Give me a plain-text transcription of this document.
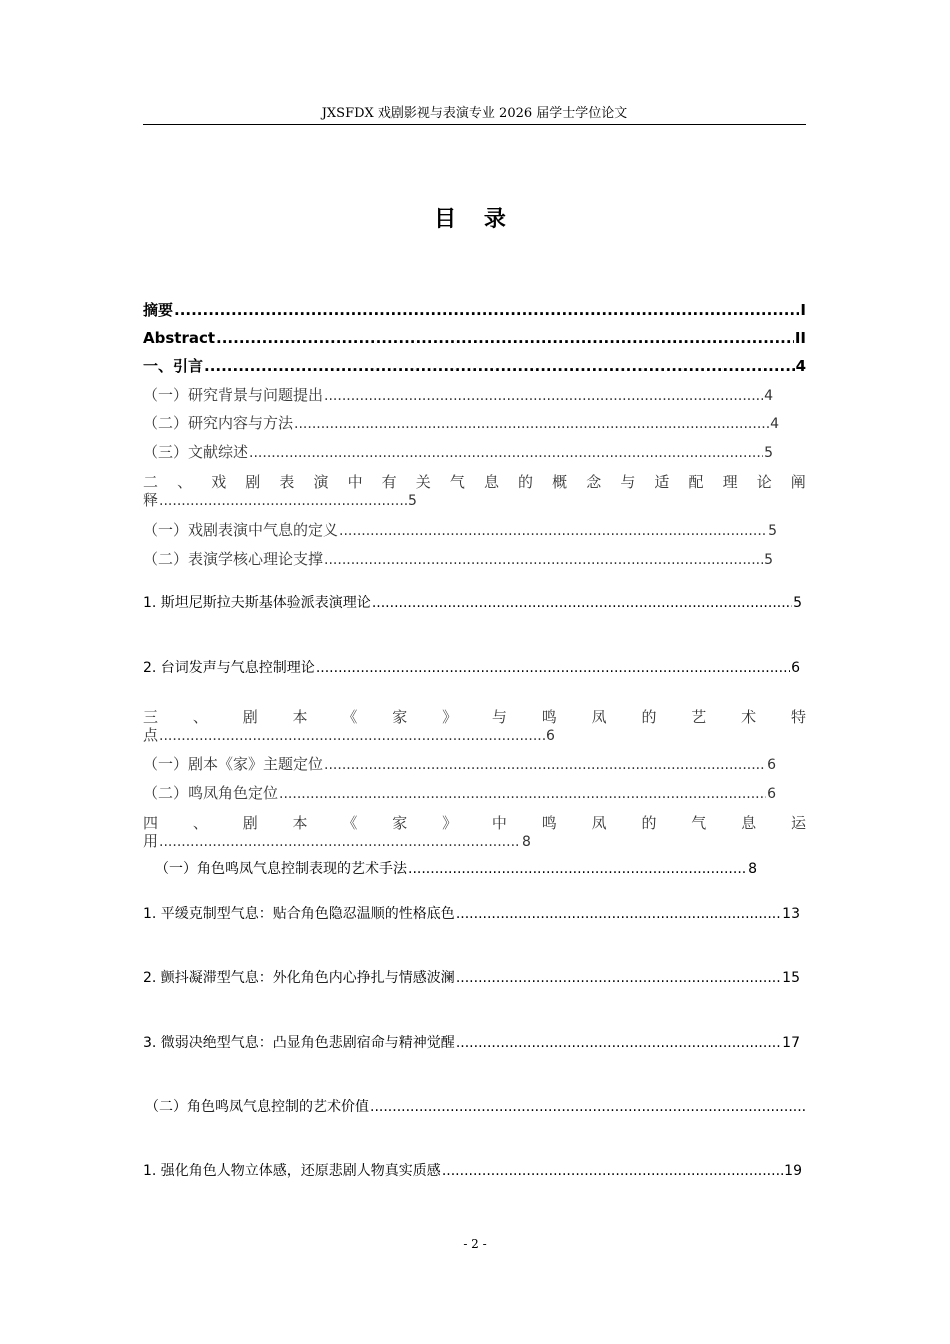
JXSFDX 戏剧影视与表演专业 2026 届学士学位论文
目 录
摘要 .....	I
Abstract .....	II
一、引言 .....	4
（一）研究背景与问题提出 .....	4
（二）研究内容与方法 .....	4
（三）文献综述 .....	5
二 、 戏 剧 表 演 中 有 关 气 息 的 概 念 与 适 配 理 论 阐
释 .....	5
（一）戏剧表演中气息的定义 .....	5
（二）表演学核心理论支撑 .....	5
1. 斯坦尼斯拉夫斯基体验派表演理论 .....	5
2. 台词发声与气息控制理论 .....	6
三 、 剧 本 《 家 》 与 鸣 凤 的 艺 术 特
点 .....	6
（一）剧本《家》主题定位 .....	6
（二）鸣凤角色定位 .....	6
四 、 剧 本 《 家 》 中 鸣 凤 的 气 息 运
用 .....	8
（一）角色鸣凤气息控制表现的艺术手法 .....	8
1. 平缓克制型气息：贴合角色隐忍温顺的性格底色 .....	13
2. 颤抖凝滞型气息：外化角色内心挣扎与情感波澜 .....	15
3. 微弱决绝型气息：凸显角色悲剧宿命与精神觉醒 .....	17
（二）角色鸣凤气息控制的艺术价值
.....
1. 强化角色人物立体感，还原悲剧人物真实质感 .....	19
- 2 -
